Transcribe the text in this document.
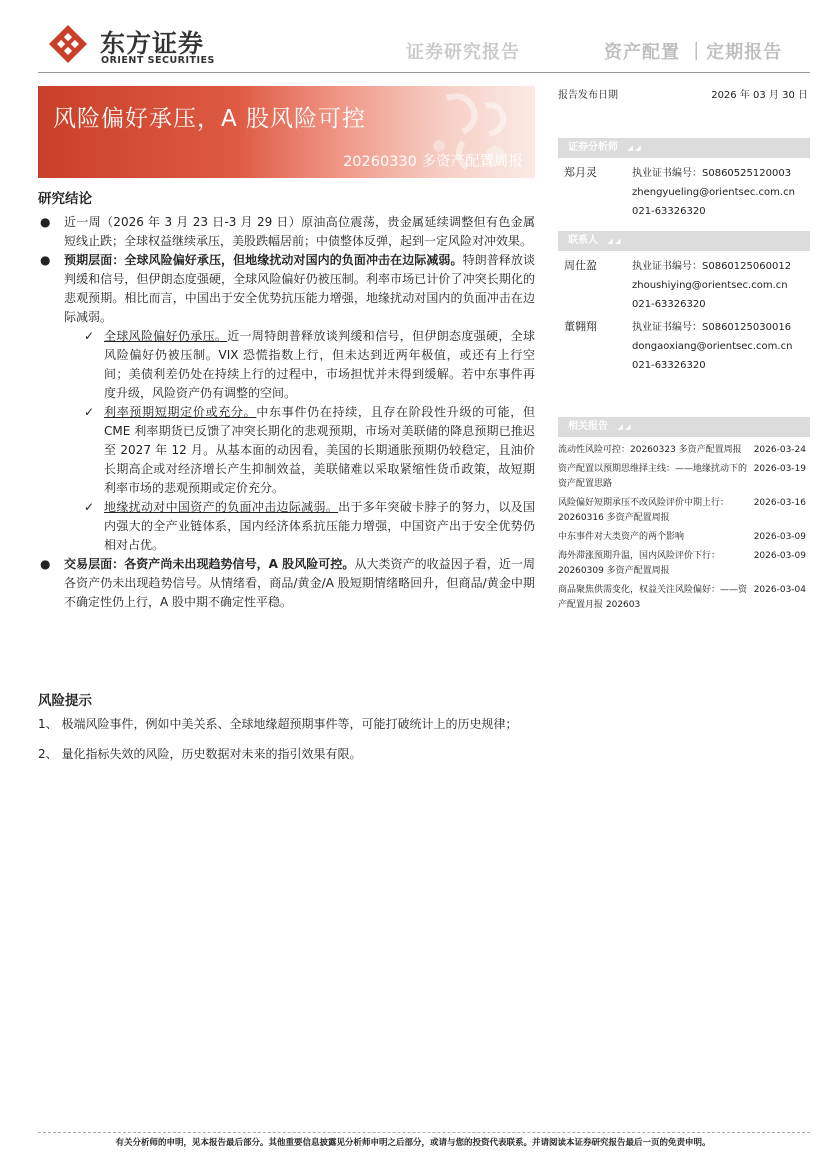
东方证券
ORIENT SECURITIES	证券研究报告	资产配置 ｜定期报告
风险偏好承压，A 股风险可控
20260330 多资产配置周报
研究结论
● 近一周（2026 年 3 月 23 日-3 月 29 日）原油高位震荡，贵金属延续调整但有色金属短线止跌；全球权益继续承压，美股跌幅居前；中债整体反弹，起到一定风险对冲效果。
● 预期层面：全球风险偏好承压，但地缘扰动对国内的负面冲击在边际减弱。特朗普释放谈判缓和信号，但伊朗态度强硬，全球风险偏好仍被压制。利率市场已计价了冲突长期化的悲观预期。相比而言，中国出于安全优势抗压能力增强，地缘扰动对国内的负面冲击在边际减弱。
✓ 全球风险偏好仍承压。近一周特朗普释放谈判缓和信号，但伊朗态度强硬，全球风险偏好仍被压制。VIX 恐慌指数上行，但未达到近两年极值，或还有上行空间；美债利差仍处在持续上行的过程中，市场担忧并未得到缓解。若中东事件再度升级，风险资产仍有调整的空间。
✓ 利率预期短期定价或充分。中东事件仍在持续，且存在阶段性升级的可能，但 CME 利率期货已反馈了冲突长期化的悲观预期，市场对美联储的降息预期已推迟至 2027 年 12 月。从基本面的动因看，美国的长期通胀预期仍较稳定，且油价长期高企或对经济增长产生抑制效益，美联储难以采取紧缩性货币政策，故短期利率市场的悲观预期或定价充分。
✓ 地缘扰动对中国资产的负面冲击边际减弱。出于多年突破卡脖子的努力，以及国内强大的全产业链体系，国内经济体系抗压能力增强，中国资产出于安全优势仍相对占优。
● 交易层面：各资产尚未出现趋势信号，A 股风险可控。从大类资产的收益因子看，近一周各资产仍未出现趋势信号。从情绪看，商品/黄金/A 股短期情绪略回升，但商品/黄金中期不确定性仍上行，A 股中期不确定性平稳。
风险提示
1、 极端风险事件，例如中美关系、全球地缘超预期事件等，可能打破统计上的历史规律；
2、 量化指标失效的风险，历史数据对未来的指引效果有限。
报告发布日期	2026 年 03 月 30 日
证券分析师 ◢ ◢
郑月灵	执业证书编号：S0860525120003
zhengyueling@orientsec.com.cn
021-63326320
联系人 ◢ ◢
周仕盈	执业证书编号：S0860125060012
zhoushiying@orientsec.com.cn
021-63326320
董翱翔	执业证书编号：S0860125030016
dongaoxiang@orientsec.com.cn
021-63326320
相关报告 ◢ ◢
流动性风险可控：20260323 多资产配置周报	2026-03-24
资产配置以预期思维择主线：——地缘扰动下的资产配置思路
2026-03-19
风险偏好短期承压不改风险评价中期上行：20260316 多资产配置周报
2026-03-16
中东事件对大类资产的两个影响	2026-03-09
海外滞涨预期升温，国内风险评价下行：20260309 多资产配置周报
2026-03-09
商品聚焦供需变化，权益关注风险偏好：——资产配置月报 202603
2026-03-04
有关分析师的申明，见本报告最后部分。其他重要信息披露见分析师申明之后部分，或请与您的投资代表联系。并请阅读本证券研究报告最后一页的免责申明。
